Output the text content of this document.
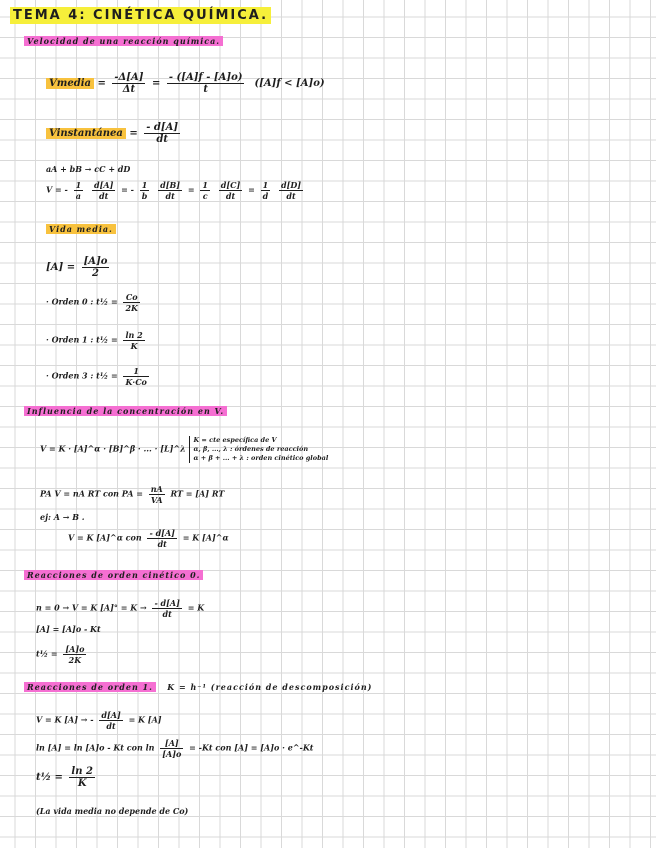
TEMA 4: CINÉTICA QUÍMICA.
Velocidad de una reacción química.
Vmedia = $\frac{-\Delta[A]}{\Delta t} = \frac{- ([A]f - [A]o)}{t} ([A]f < [A]o)$
Vinstantánea = $\frac{- d[A]}{dt}$
aA + bB → cC + dD
V = - $\frac{1}{a}$
$\frac{d[A]}{dt}$ = - $\frac{1}{b}$
$\frac{d[B]}{dt} = \frac{1}{c}$
$\frac{d[C]}{dt} = \frac{1}{d}$
$\frac{d[D]}{dt}$
Vida media.
$[A] = \frac{[A]o}{2}$
· Orden 0 : t½ = $\frac{Co}{2K}$
· Orden 1 : t½ = $\frac{\ln 2}{K}$
· Orden 3 : t½ = $\frac{1}{K\cdot Co}$
Influencia de la concentración en V.
V = K · [A]^α · [B]^β · ... · [L]^λ
K = cte específica de V
α, β, ..., λ : órdenes de reacción
α + β + ... + λ : orden cinético global
PA V = nA RT con PA = $\frac{nA}{VA}$ RT = [A] RT
ej: A → B .
V = K [A]^α con $\frac{- d[A]}{dt} = K$ [A]^α
Reacciones de orden cinético 0.
n = 0 → V = K $[A]^\circ = K \to \frac{- d[A]}{dt} = K$
[A] = [A]o - Kt
t½ = $\frac{[A]o}{2K}$
Reacciones de orden 1. K = h⁻¹ (reacción de descomposición)
V = K [A] → - $\frac{d[A]}{dt} = K$ [A]
ln [A] = ln [A]o - Kt con $\ln \frac{[A]}{[A]o} = -Kt$ con [A] = [A]o · e^-Kt
t½ = $\frac{\ln 2}{K}$
(La vida media no depende de Co)
